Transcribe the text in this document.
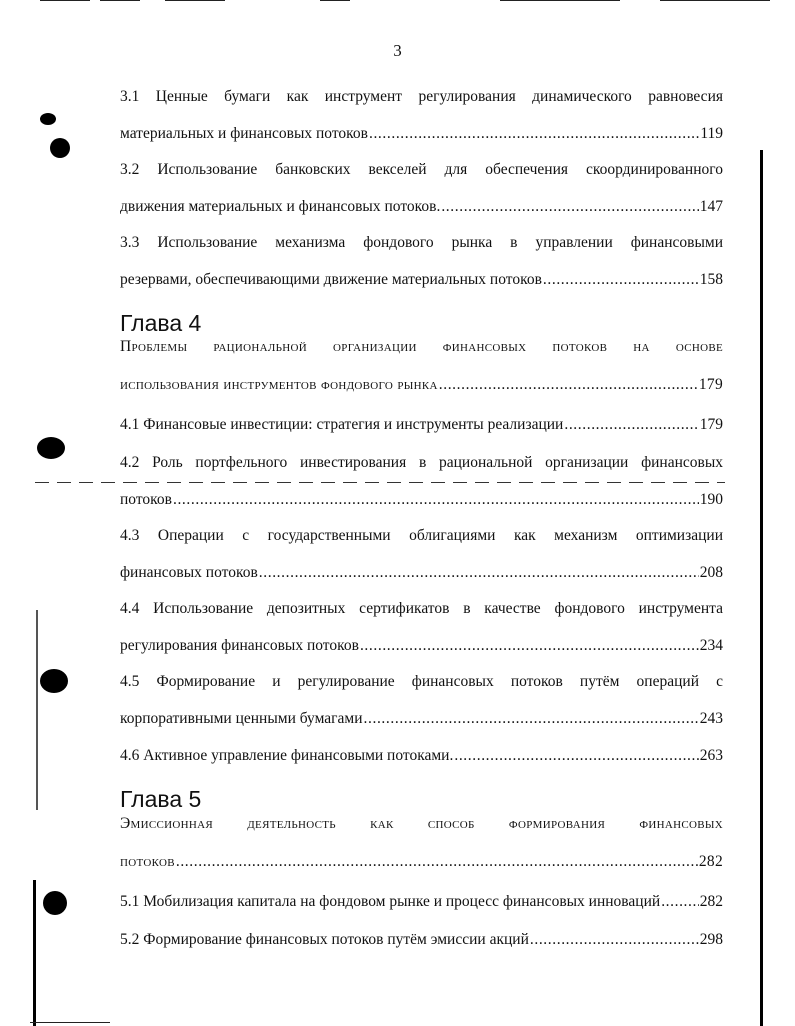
3
3.1 Ценные бумаги как инструмент регулирования динамического равновесия
материальных и финансовых потоков .....	119
3.2 Использование банковских векселей для обеспечения скоординированного
движения материальных и финансовых потоков. .....	147
3.3 Использование механизма фондового рынка в управлении финансовыми
резервами, обеспечивающими движение материальных потоков .....	158
Глава 4
Проблемы рациональной организации финансовых потоков на основе
использования инструментов фондового рынка .....	179
4.1 Финансовые инвестиции: стратегия и инструменты реализации .....	179
4.2 Роль портфельного инвестирования в рациональной организации финансовых
потоков .....	190
4.3 Операции с государственными облигациями как механизм оптимизации
финансовых потоков .....	208
4.4 Использование депозитных сертификатов в качестве фондового инструмента
регулирования финансовых потоков .....	234
4.5 Формирование и регулирование финансовых потоков путём операций с
корпоративными ценными бумагами .....	243
4.6 Активное управление финансовыми потоками. .....	263
Глава 5
Эмиссионная деятельность как способ формирования финансовых
потоков .....	282
5.1 Мобилизация капитала на фондовом рынке и процесс финансовых инноваций .....	282
5.2 Формирование финансовых потоков путём эмиссии акций .....	298
